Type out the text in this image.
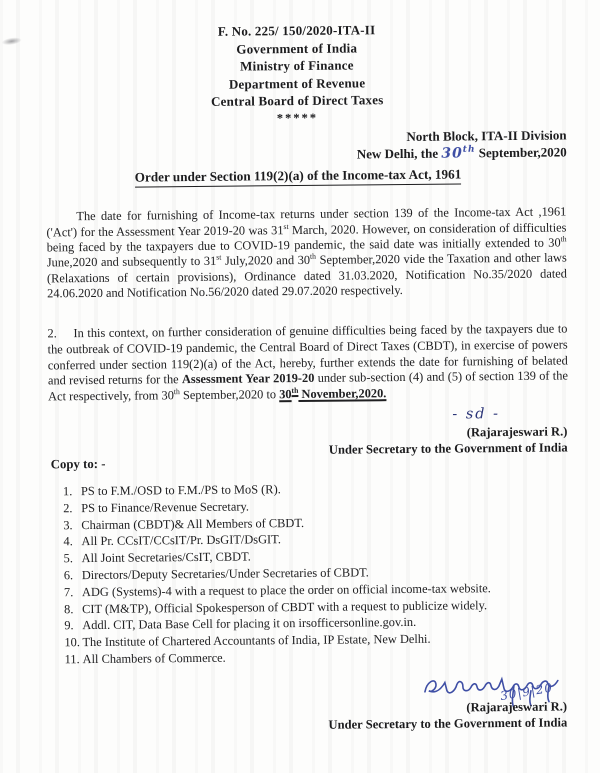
F. No. 225/ 150/2020-ITA-II
Government of India
Ministry of Finance
Department of Revenue
Central Board of Direct Taxes
*****
North Block, ITA-II Division
New Delhi, the 30th September,2020
Order under Section 119(2)(a) of the Income-tax Act, 1961

The date for furnishing of Income-tax returns under section 139 of the Income-tax Act ,1961 ('Act') for the Assessment Year 2019-20 was 31st March, 2020. However, on consideration of difficulties being faced by the taxpayers due to COVID-19 pandemic, the said date was initially extended to 30th June,2020 and subsequently to 31st July,2020 and 30th September,2020 vide the Taxation and other laws (Relaxations of certain provisions), Ordinance dated 31.03.2020, Notification No.35/2020 dated 24.06.2020 and Notification No.56/2020 dated 29.07.2020 respectively.

2. In this context, on further consideration of genuine difficulties being faced by the taxpayers due to the outbreak of COVID-19 pandemic, the Central Board of Direct Taxes (CBDT), in exercise of powers conferred under section 119(2)(a) of the Act, hereby, further extends the date for furnishing of belated and revised returns for the Assessment Year 2019-20 under sub-section (4) and (5) of section 139 of the Act respectively, from 30th September,2020 to 30th November,2020.

- sd -
(Rajarajeswari R.)
Under Secretary to the Government of India
Copy to: -
1. PS to F.M./OSD to F.M./PS to MoS (R).
2. PS to Finance/Revenue Secretary.
3. Chairman (CBDT)& All Members of CBDT.
4. All Pr. CCsIT/CCsIT/Pr. DsGIT/DsGIT.
5. All Joint Secretaries/CsIT, CBDT.
6. Directors/Deputy Secretaries/Under Secretaries of CBDT.
7. ADG (Systems)-4 with a request to place the order on official income-tax website.
8. CIT (M&TP), Official Spokesperson of CBDT with a request to publicize widely.
9. Addl. CIT, Data Base Cell for placing it on irsofficersonline.gov.in.
10. The Institute of Chartered Accountants of India, IP Estate, New Delhi.
11. All Chambers of Commerce.
30|9|20
(Rajarajeswari R.)
Under Secretary to the Government of India
